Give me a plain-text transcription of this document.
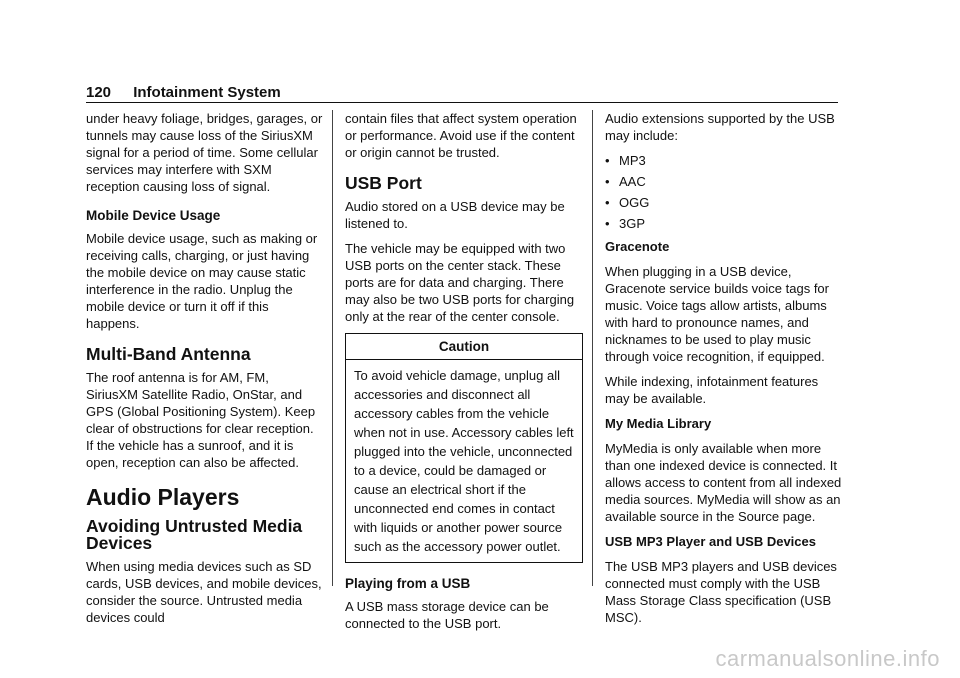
120 Infotainment System

under heavy foliage, bridges, garages, or tunnels may cause loss of the SiriusXM signal for a period of time. Some cellular services may interfere with SXM reception causing loss of signal.

Mobile Device Usage

Mobile device usage, such as making or receiving calls, charging, or just having the mobile device on may cause static interference in the radio. Unplug the mobile device or turn it off if this happens.

Multi-Band Antenna

The roof antenna is for AM, FM, SiriusXM Satellite Radio, OnStar, and GPS (Global Positioning System). Keep clear of obstructions for clear reception. If the vehicle has a sunroof, and it is open, reception can also be affected.

Audio Players
Avoiding Untrusted Media Devices

When using media devices such as SD cards, USB devices, and mobile devices, consider the source. Untrusted media devices could

contain files that affect system operation or performance. Avoid use if the content or origin cannot be trusted.

USB Port

Audio stored on a USB device may be listened to.

The vehicle may be equipped with two USB ports on the center stack. These ports are for data and charging. There may also be two USB ports for charging only at the rear of the center console.

Caution
To avoid vehicle damage, unplug all accessories and disconnect all accessory cables from the vehicle when not in use. Accessory cables left plugged into the vehicle, unconnected to a device, could be damaged or cause an electrical short if the unconnected end comes in contact with liquids or another power source such as the accessory power outlet.
Playing from a USB

A USB mass storage device can be connected to the USB port.

Audio extensions supported by the USB may include:

• MP3
• AAC
• OGG
• 3GP

Gracenote

When plugging in a USB device, Gracenote service builds voice tags for music. Voice tags allow artists, albums with hard to pronounce names, and nicknames to be used to play music through voice recognition, if equipped.

While indexing, infotainment features may be available.

My Media Library

MyMedia is only available when more than one indexed device is connected. It allows access to content from all indexed media sources. MyMedia will show as an available source in the Source page.

USB MP3 Player and USB Devices

The USB MP3 players and USB devices connected must comply with the USB Mass Storage Class specification (USB MSC).

carmanualsonline.info
